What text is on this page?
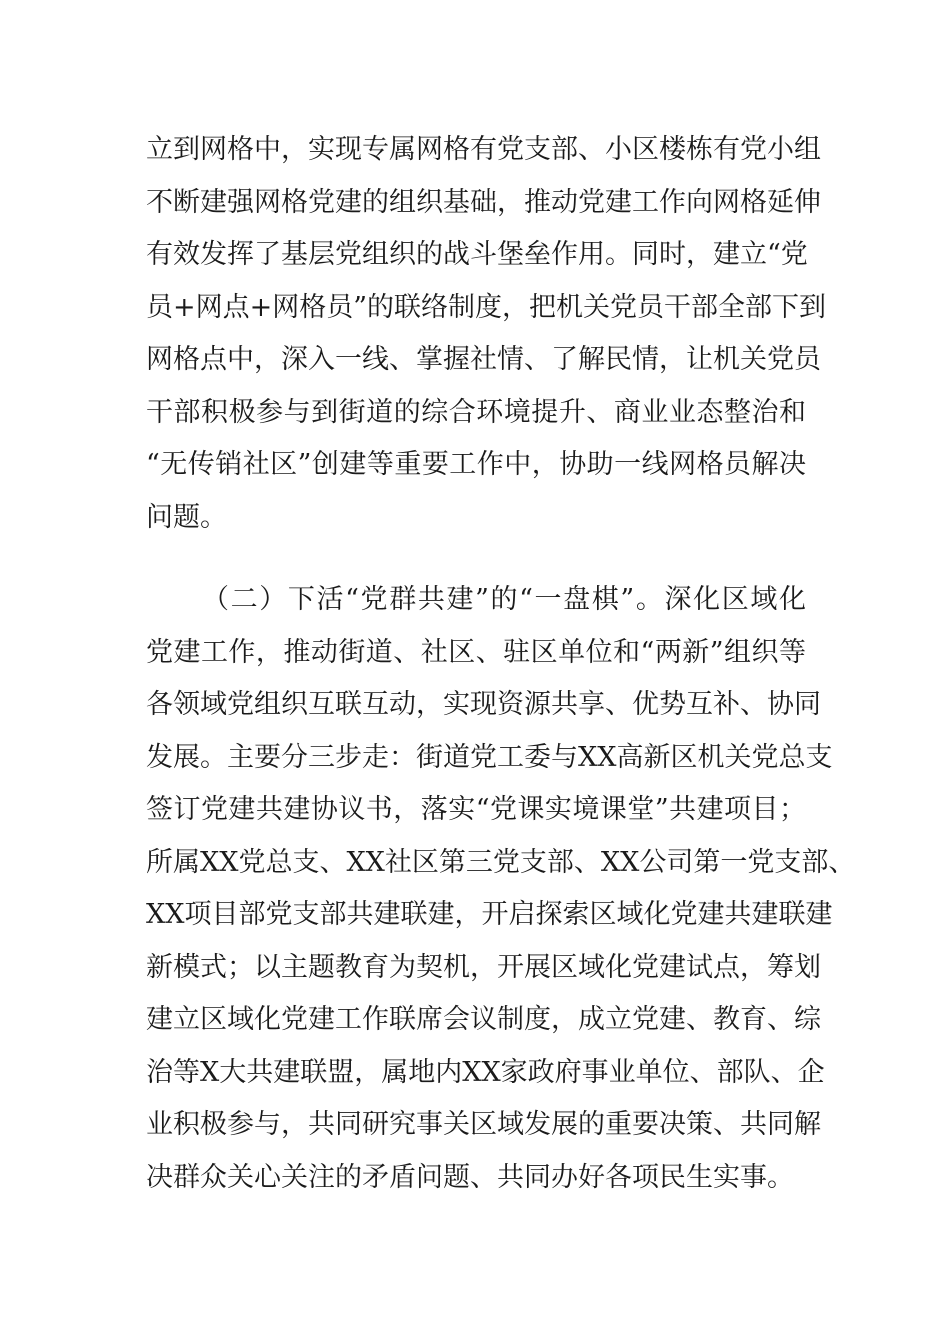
立到网格中，实现专属网格有党支部、小区楼栋有党小组
不断建强网格党建的组织基础，推动党建工作向网格延伸
有效发挥了基层党组织的战斗堡垒作用。同时，建立“党
员+网点+网格员”的联络制度，把机关党员干部全部下到
网格点中，深入一线、掌握社情、了解民情，让机关党员
干部积极参与到街道的综合环境提升、商业业态整治和
“无传销社区”创建等重要工作中，协助一线网格员解决
问题。
（二）下活“党群共建”的“一盘棋”。深化区域化
党建工作，推动街道、社区、驻区单位和“两新”组织等
各领域党组织互联互动，实现资源共享、优势互补、协同
发展。主要分三步走：街道党工委与XX高新区机关党总支
签订党建共建协议书，落实“党课实境课堂”共建项目；
所属XX党总支、XX社区第三党支部、XX公司第一党支部、
XX项目部党支部共建联建，开启探索区域化党建共建联建
新模式；以主题教育为契机，开展区域化党建试点，筹划
建立区域化党建工作联席会议制度，成立党建、教育、综
治等X大共建联盟，属地内XX家政府事业单位、部队、企
业积极参与，共同研究事关区域发展的重要决策、共同解
决群众关心关注的矛盾问题、共同办好各项民生实事。
